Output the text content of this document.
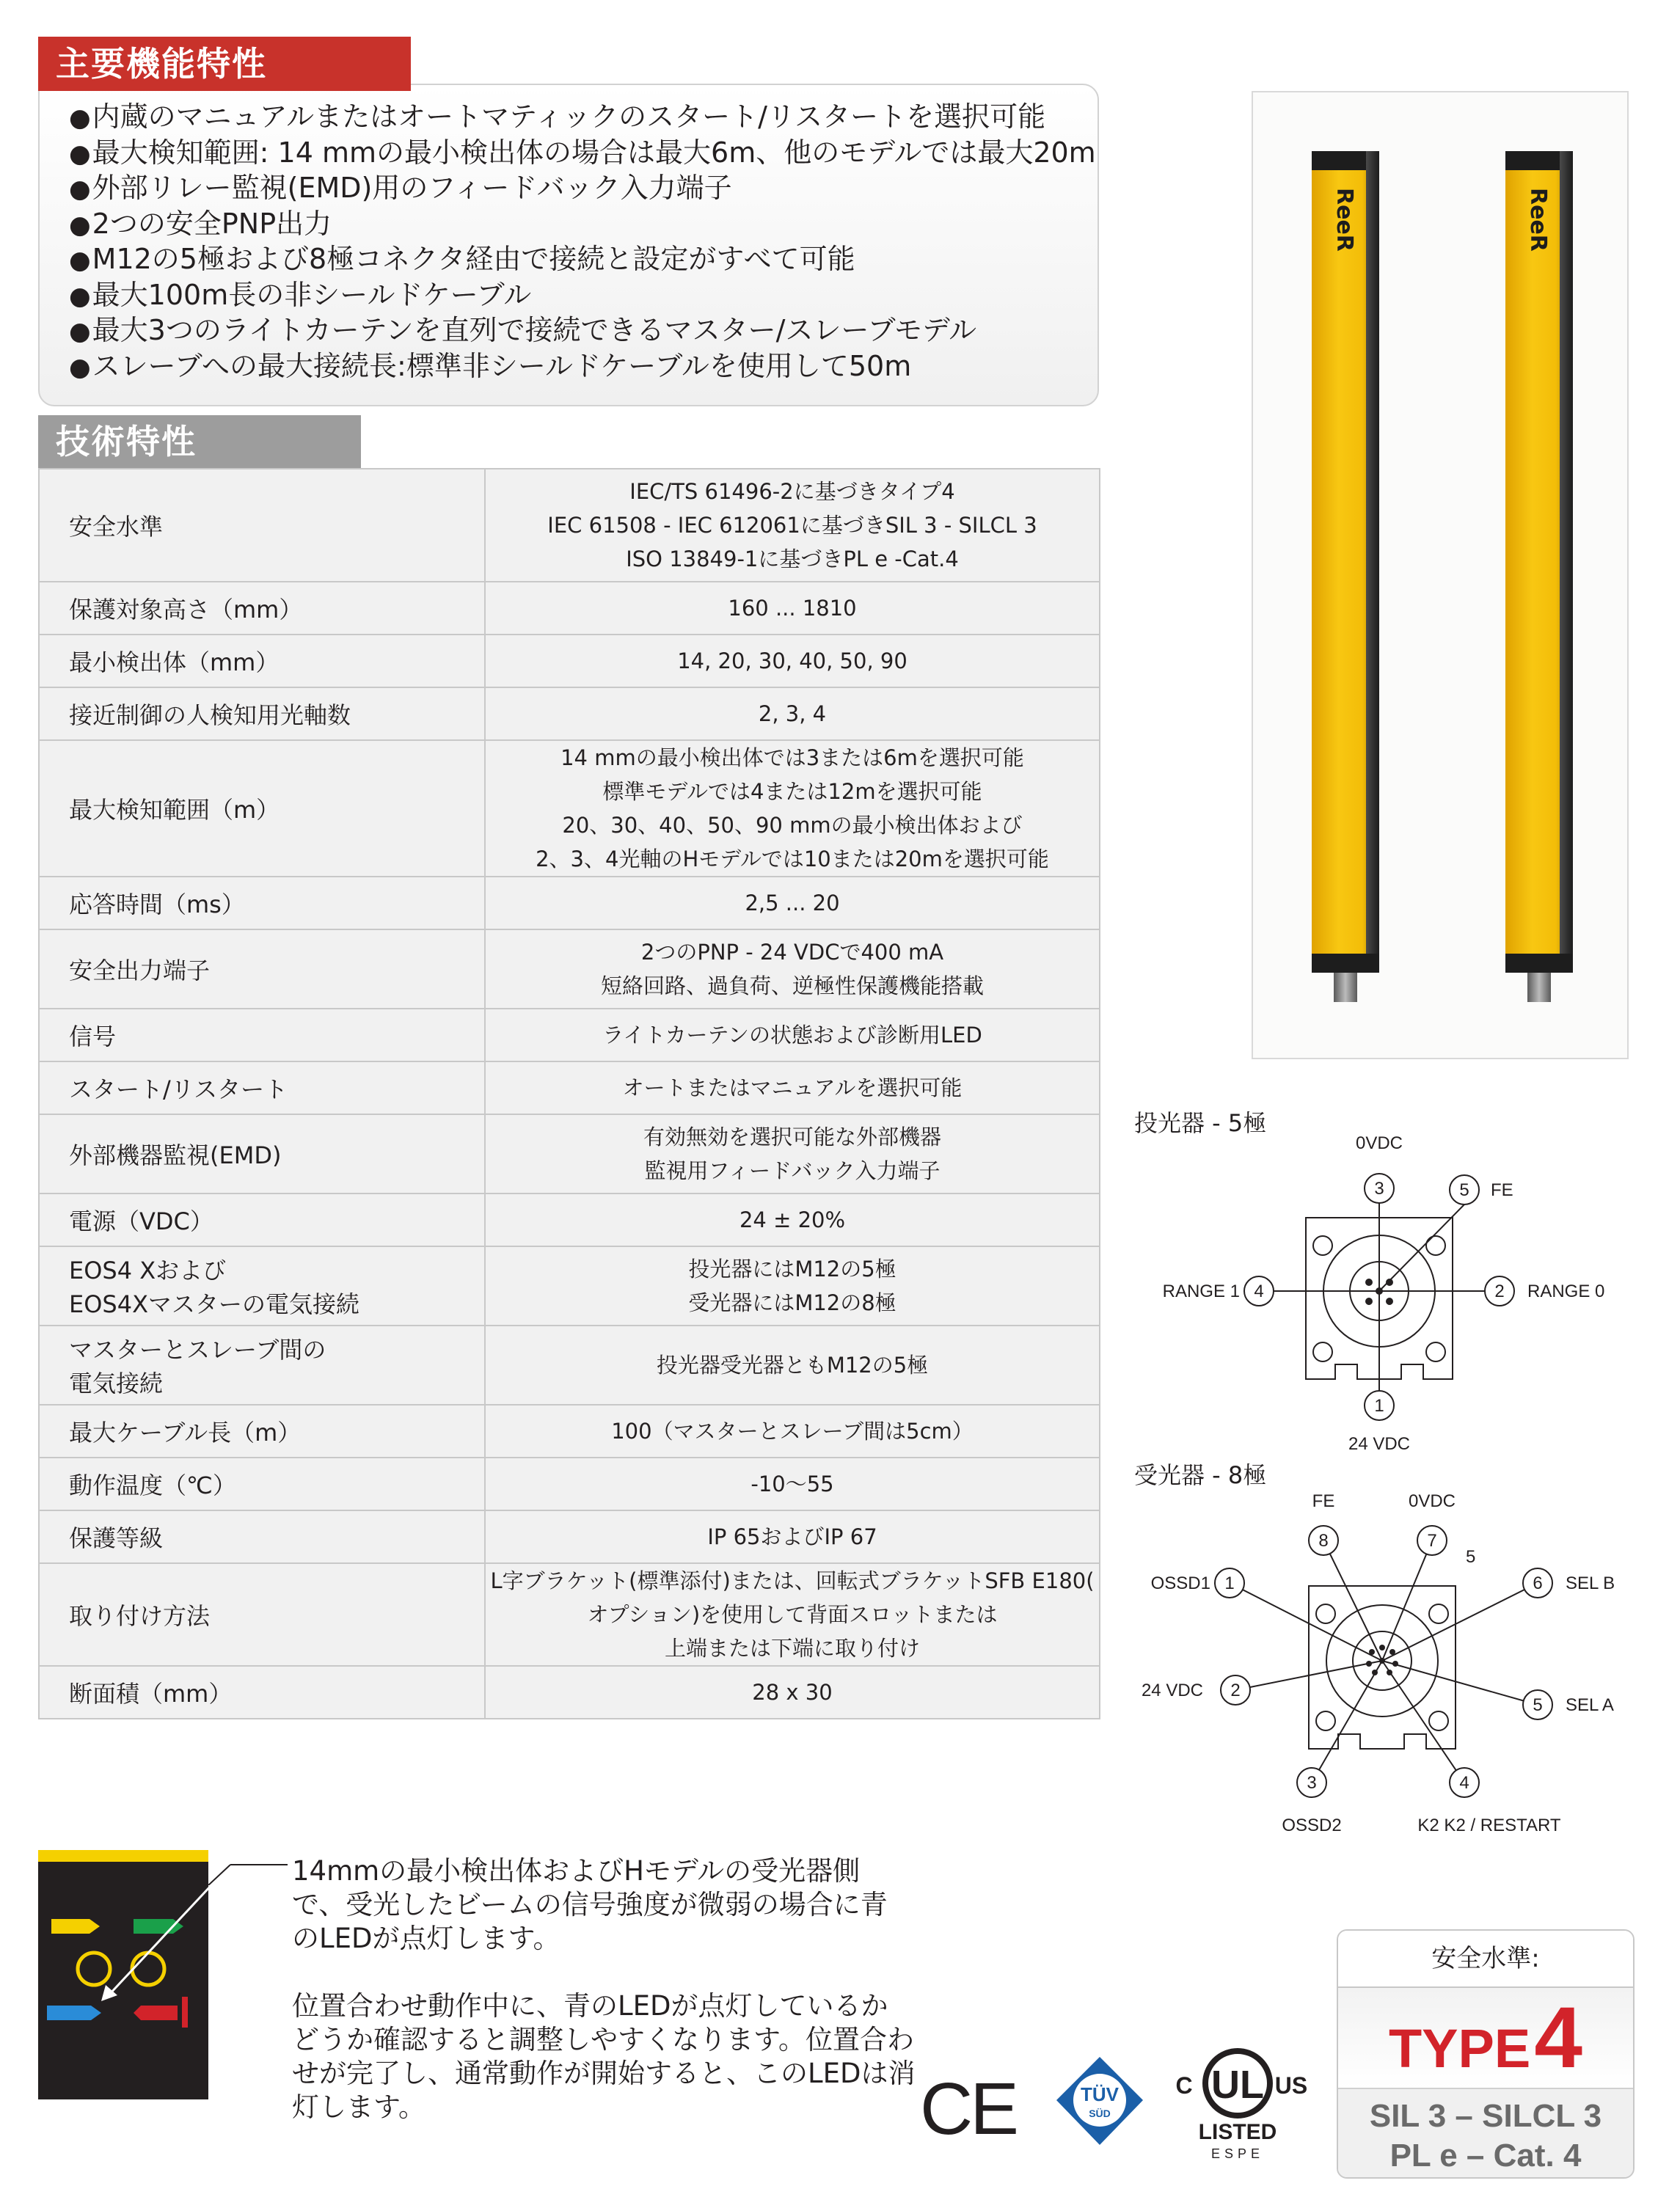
● 内蔵のマニュアルまたはオートマティックのスタート/リスタートを選択可能
● 最大検知範囲: 14 mmの最小検出体の場合は最大6m、他のモデルでは最大20m
● 外部リレー監視(EMD)用のフィードバック入力端子
● 2つの安全PNP出力
● M12の5極および8極コネクタ経由で接続と設定がすべて可能
● 最大100m長の非シールドケーブル
● 最大3つのライトカーテンを直列で接続できるマスター/スレーブモデル
● スレーブへの最大接続長:標準非シールドケーブルを使用して50m
主要機能特性
技術特性
安全水準	IEC/TS 61496-2に基づきタイプ4
IEC 61508 - IEC 612061に基づきSIL 3 - SILCL 3
ISO 13849-1に基づきPL e -Cat.4

保護対象高さ（mm）	160 ... 1810

最小検出体（mm）	14, 20, 30, 40, 50, 90

接近制御の人検知用光軸数	2, 3, 4

最大検知範囲（m）	14 mmの最小検出体では3または6mを選択可能
標準モデルでは4または12mを選択可能
20、30、40、50、90 mmの最小検出体および
2、3、4光軸のHモデルでは10または20mを選択可能

応答時間（ms）	2,5 ... 20

安全出力端子	2つのPNP - 24 VDCで400 mA
短絡回路、過負荷、逆極性保護機能搭載

信号	ライトカーテンの状態および診断用LED

スタート/リスタート	オートまたはマニュアルを選択可能

外部機器監視(EMD)	有効無効を選択可能な外部機器
監視用フィードバック入力端子

電源（VDC）	24 ± 20%

EOS4 Xおよび
EOS4Xマスターの電気接続	投光器にはM12の5極
受光器にはM12の8極

マスターとスレーブ間の
電気接続	投光器受光器ともM12の5極

最大ケーブル長（m）	100（マスターとスレーブ間は5cm）

動作温度（℃）	-10〜55

保護等級	IP 65およびIP 67

取り付け方法	L字ブラケット(標準添付)または、回転式ブラケットSFB E180(
オプション)を使用して背面スロットまたは
上端または下端に取り付け

断面積（mm）	28 x 30
ReeR	ReeR
投光器 - 5極
3	5
4	2
1
0VDC
FE
RANGE 1	RANGE 0
24 VDC
受光器 - 8極
8	7
1	6
2
5
3	4
FE	0VDC
5
OSSD1	SEL B
24 VDC
SEL A
OSSD2	K2 K2 / RESTART
14mmの最小検出体およびHモデルの受光器側
で、受光したビームの信号強度が微弱の場合に青
のLEDが点灯します。
位置合わせ動作中に、青のLEDが点灯しているか
どうか確認すると調整しやすくなります。位置合わ
せが完了し、通常動作が開始すると、このLEDは消
灯します。	CE	TÜV
SÜD
UL
C	US
LISTED
ESPE
安全水準:
TYPE 4
SIL 3 – SILCL 3
PL e – Cat. 4
